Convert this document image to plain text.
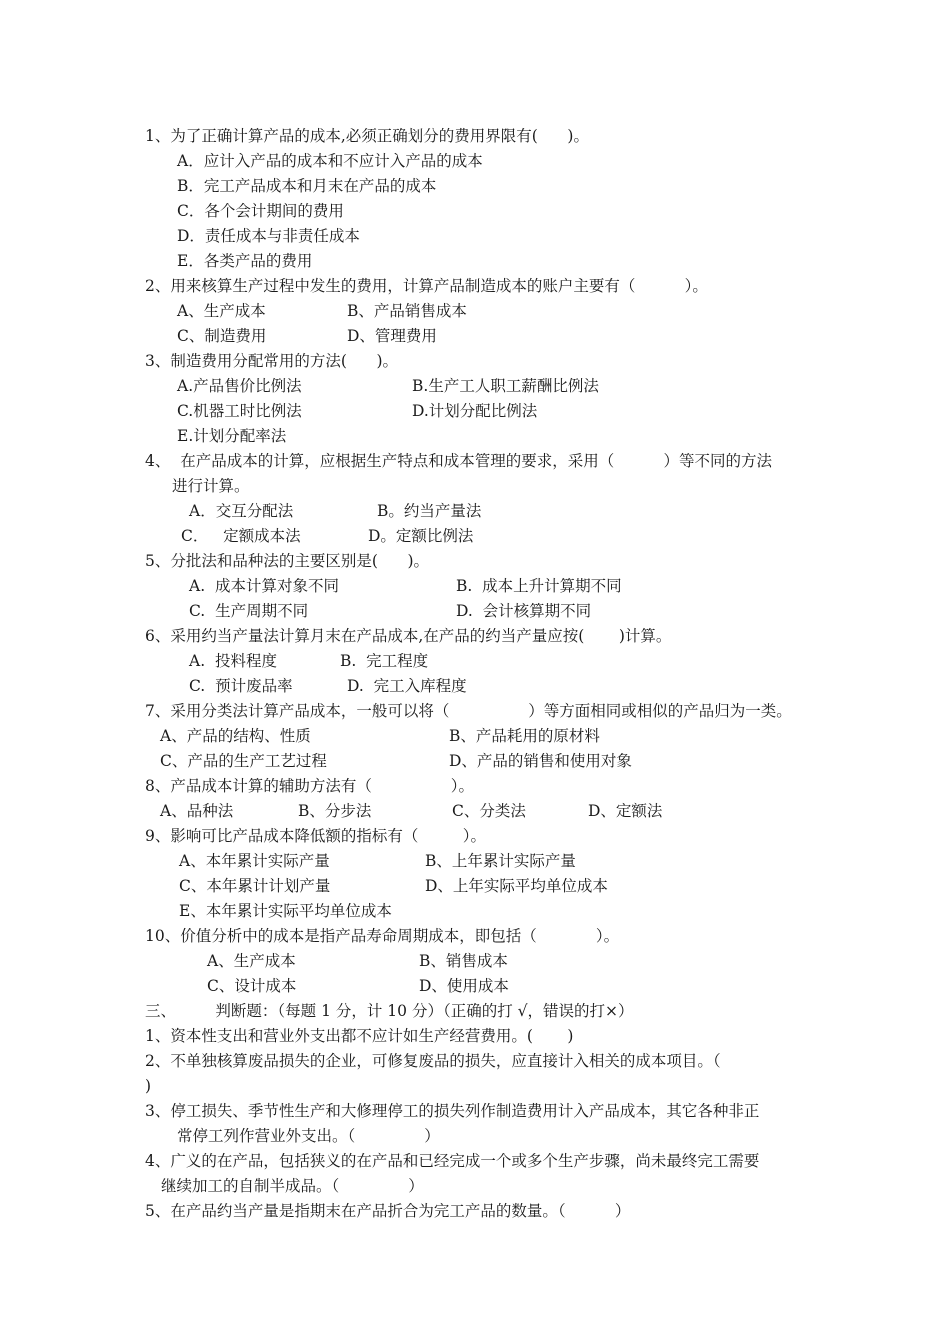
1、为了正确计算产品的成本,必须正确划分的费用界限有(      )。
A．应计入产品的成本和不应计入产品的成本
B．完工产品成本和月末在产品的成本
C．各个会计期间的费用
D．责任成本与非责任成本
E．各类产品的费用
2、用来核算生产过程中发生的费用，计算产品制造成本的账户主要有（          ）。
A、生产成本	B、产品销售成本
C、制造费用	D、管理费用
3、制造费用分配常用的方法(      )。
A.产品售价比例法	B.生产工人职工薪酬比例法
C.机器工时比例法	D.计划分配比例法
E.计划分配率法
4、  在产品成本的计算，应根据生产特点和成本管理的要求，采用（          ）等不同的方法
进行计算。
A．交互分配法	B。约当产量法
C．   定额成本法	D。定额比例法
5、分批法和品种法的主要区别是(      )。
A.  成本计算对象不同	B.  成本上升计算期不同
C.  生产周期不同	D.  会计核算期不同
6、采用约当产量法计算月末在产品成本,在产品的约当产量应按(       )计算。
A.  投料程度	B.  完工程度
C.  预计废品率	D.  完工入库程度
7、采用分类法计算产品成本，一般可以将（                ）等方面相同或相似的产品归为一类。
A、产品的结构、性质	B、产品耗用的原材料
C、产品的生产工艺过程	D、产品的销售和使用对象
8、产品成本计算的辅助方法有（                ）。
A、品种法	B、分步法	C、分类法	D、定额法
9、影响可比产品成本降低额的指标有（         ）。
A、本年累计实际产量	B、上年累计实际产量
C、本年累计计划产量	D、上年实际平均单位成本
E、本年累计实际平均单位成本
10、价值分析中的成本是指产品寿命周期成本，即包括（            ）。
A、生产成本	B、销售成本
C、设计成本	D、使用成本
三、        判断题：（每题 1 分，计 10 分）（正确的打 √，错误的打×）
1、资本性支出和营业外支出都不应计如生产经营费用。(       )
2、不单独核算废品损失的企业，可修复废品的损失，应直接计入相关的成本项目。（
)
3、停工损失、季节性生产和大修理停工的损失列作制造费用计入产品成本，其它各种非正
常停工列作营业外支出。（              ）
4、广义的在产品，包括狭义的在产品和已经完成一个或多个生产步骤，尚未最终完工需要
继续加工的自制半成品。（              ）
5、在产品约当产量是指期末在产品折合为完工产品的数量。（          ）
